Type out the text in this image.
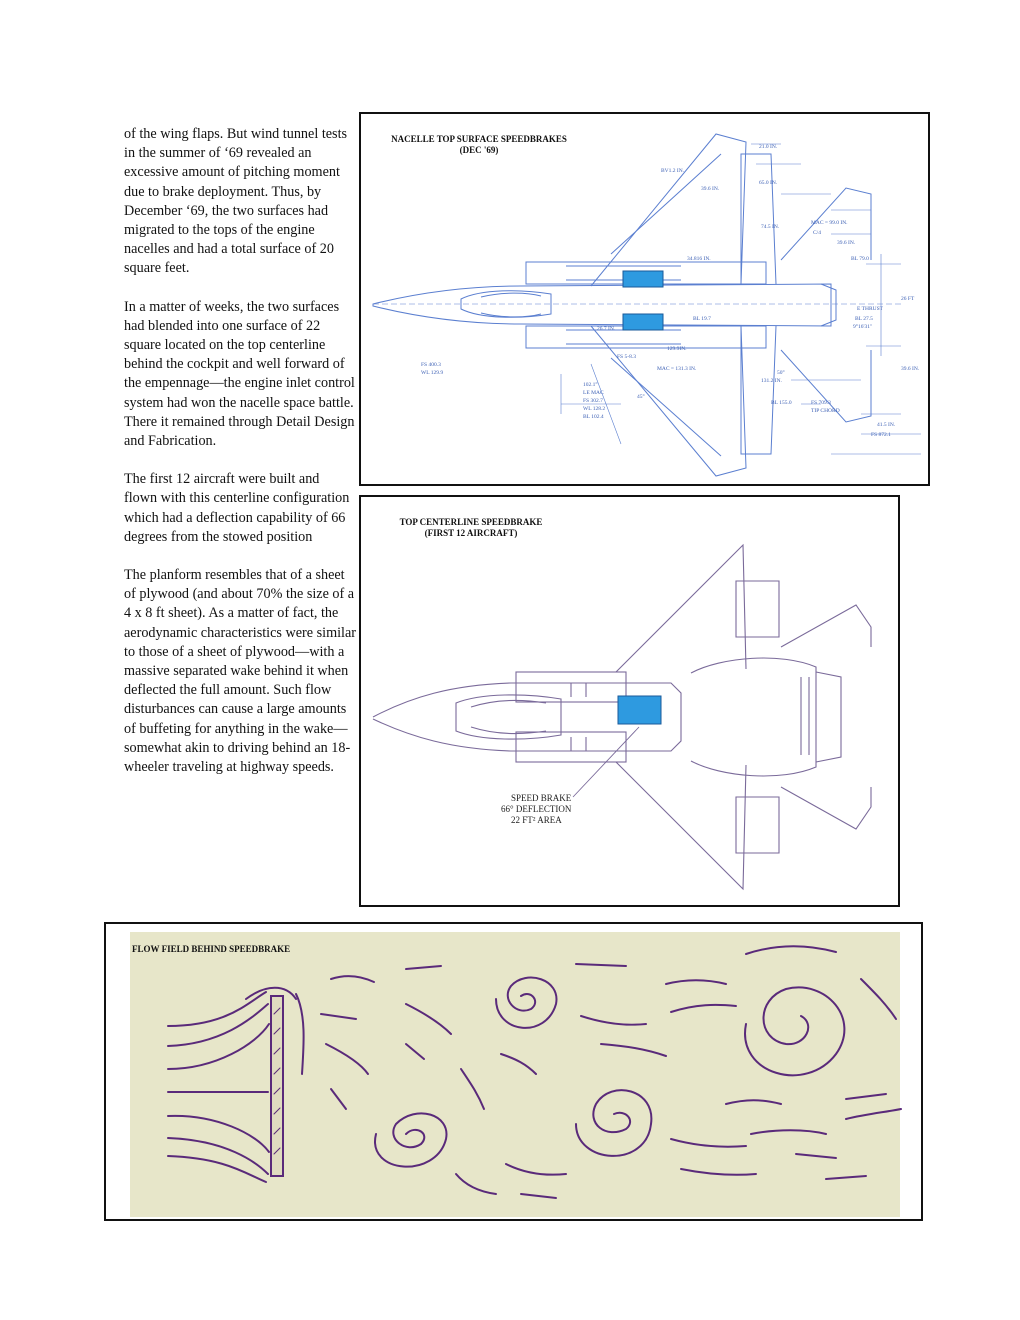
of the wing flaps. But wind tunnel tests in the summer of ‘69 revealed an excessive amount of pitching moment due to brake deployment. Thus, by December ‘69, the two surfaces had migrated to the tops of the engine nacelles and had a total surface of 20 square feet.

In a matter of weeks, the two surfaces had blended into one surface of 22 square located on the top centerline behind the cockpit and well forward of the empennage—the engine inlet control system had won the nacelle space battle. There it remained through Detail Design and Fabrication.

The first 12 aircraft were built and flown with this centerline configuration which had a deflection capability of 66 degrees from the stowed position

The planform resembles that of a sheet of plywood (and about 70% the size of a 4 x 8 ft sheet). As a matter of fact, the aerodynamic characteristics were similar to those of a sheet of plywood—with a massive separated wake behind it when deflected the full amount. Such flow disturbances can cause a large amounts of buffeting for anything in the wake—somewhat akin to driving behind an 18-wheeler traveling at highway speeds.

NACELLE TOP SURFACE SPEEDBRAKES
(DEC '69)	21.0 IN.
BV1.2 IN.
65.0 IN.
39.6 IN.
74.5 IN.
MAC = 99.0 IN.
C/4
39.6 IN.
BL 79.0
34.816 IN.
26 FT
E THRUST
BL 27.5
9°16'31"
BL 19.7
26.7 IN.
129.9IN.
FS 5-8.3
MAC = 131.3 IN.
FS 400.3
WL 129.9
102.1°
LE MAC
FS 302.7
WL 128.2
BL 102.4
45°
50°
131.2 IN.
BL 155.0	FS 709.3
TIP CHORD
39.6 IN.
41.5 IN.
FS 872.1
TOP CENTERLINE SPEEDBRAKE
(FIRST 12 AIRCRAFT)
SPEED BRAKE
66° DEFLECTION
22 FT² AREA
FLOW FIELD BEHIND SPEEDBRAKE
